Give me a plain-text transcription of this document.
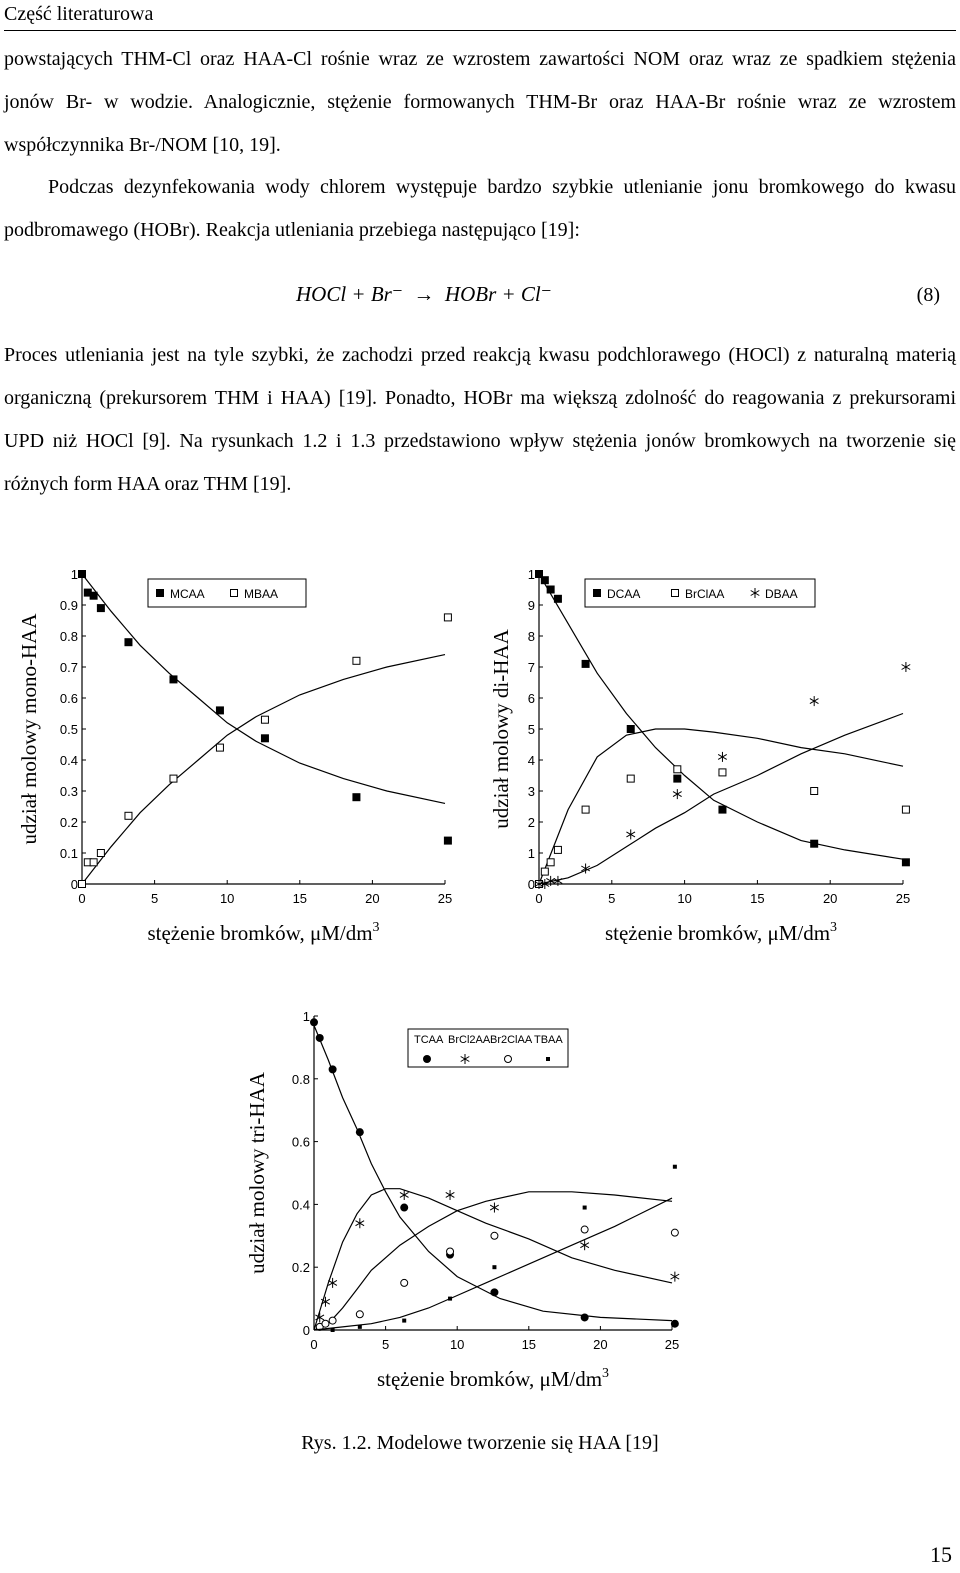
Część literaturowa

powstających THM-Cl oraz HAA-Cl rośnie wraz ze wzrostem zawartości NOM oraz wraz ze spadkiem stężenia jonów Br- w wodzie. Analogicznie, stężenie formowanych THM-Br oraz HAA-Br rośnie wraz ze wzrostem współczynnika Br-/NOM [10, 19].

Podczas dezynfekowania wody chlorem występuje bardzo szybkie utlenianie jonu bromkowego do kwasu podbromawego (HOBr). Reakcja utleniania przebiega następująco [19]:

HOCl + Br⁻  →  HOBr + Cl⁻	(8)

Proces utleniania jest na tyle szybki, że zachodzi przed reakcją kwasu podchlorawego (HOCl) z naturalną materią organiczną (prekursorem THM i HAA) [19]. Ponadto, HOBr ma większą zdolność do reagowania z prekursorami UPD niż HOCl [9]. Na rysunkach 1.2 i 1.3 przedstawiono wpływ stężenia jonów bromkowych na tworzenie się różnych form HAA oraz THM [19].

0	5	10	15	20	25
0
0.1
0.2
0.3
0.4
0.5
0.6
0.7
0.8
0.9
1
udział molowy mono-HAA
stężenie bromków, $\mu M/dm^3$
MCAA	MBAA
0	5	10	15	20	25
0
1
2
3
4
5
6
7
8
9
1
udział molowy di-HAA
stężenie bromków, $\mu M/dm^3$
DCAA	BrClAA	DBAA
0	5	10	15	20	25
0
0.2
0.4
0.6
0.8
1
udział molowy tri-HAA
stężenie bromków, $\mu M/dm^3$
TCAA BrCl2AA Br2ClAA TBAA
Rys. 1.2. Modelowe tworzenie się HAA [19]
15
